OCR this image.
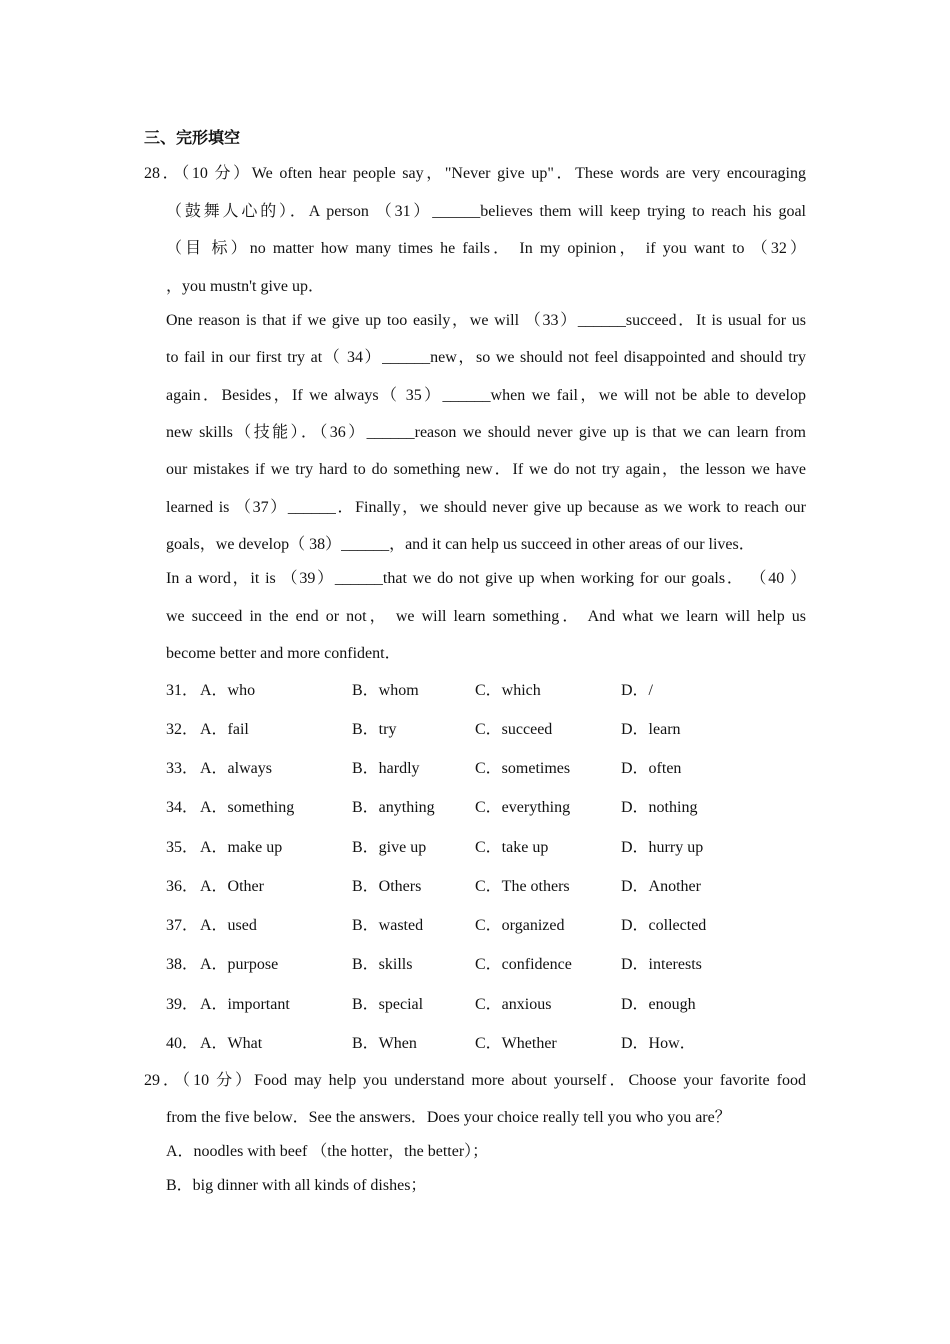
三、完形填空
28．（10 分）We often hear people say，"Never give up"．These words are very encouraging
（鼓舞人心的）．A person （31）______believes them will keep trying to reach his goal
（目 标）no matter how many times he fails． In my opinion， if you want to （32）
，you mustn't give up．
One reason is that if we give up too easily，we will （33）______succeed．It is usual for us
to fail in our first try at（ 34）______new，so we should not feel disappointed and should try
again．Besides，If we always（ 35）______when we fail，we will not be able to develop
new skills（技能）．（36）______reason we should never give up is that we can learn from
our mistakes if we try hard to do something new．If we do not try again，the lesson we have
learned is （37）______．Finally，we should never give up because as we work to reach our
goals，we develop（ 38）______，and it can help us succeed in other areas of our lives．
In a word，it is （39）______that we do not give up when working for our goals． （40 ）
we succeed in the end or not， we will learn something． And what we learn will help us
become better and more confident．
31． A．who	B．whom	C．which	D．/
32． A．fail	B．try	C．succeed	D．learn
33． A．always	B．hardly	C．sometimes	D．often
34． A．something	B．anything	C．everything	D．nothing
35． A．make up	B．give up	C．take up	D．hurry up
36． A．Other	B．Others	C．The others	D．Another
37． A．used	B．wasted	C．organized	D．collected
38． A．purpose	B．skills	C．confidence	D．interests
39． A．important	B．special	C．anxious	D．enough
40． A．What	B．When	C．Whether	D．How．
29．（10 分）Food may help you understand more about yourself．Choose your favorite food
from the five below．See the answers．Does your choice really tell you who you are？
A．noodles with beef （the hotter，the better）；
B．big dinner with all kinds of dishes；
